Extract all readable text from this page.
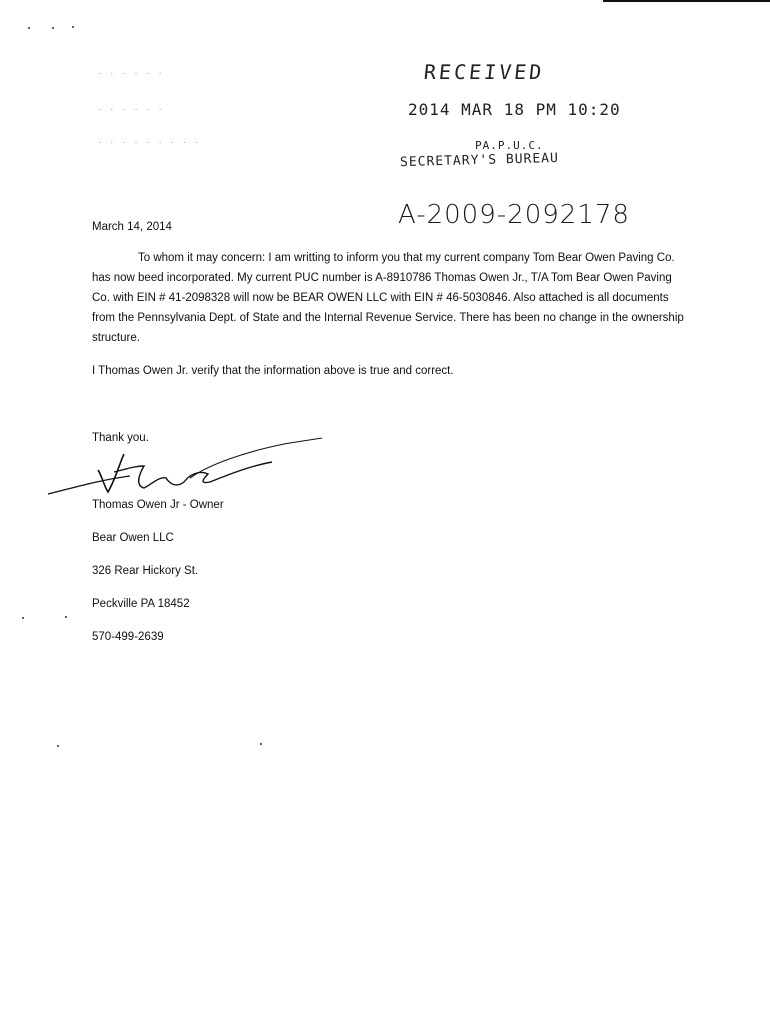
· · · · · ·
· · · · · ·
· · · · · · · · ·
RECEIVED
2014 MAR 18 PM 10:20
PA.P.U.C.
SECRETARY'S BUREAU
A-2009-2092178
March 14, 2014
To whom it may concern: I am writting to inform you that my current company Tom Bear Owen Paving Co. has now beed incorporated. My current PUC number is A-8910786 Thomas Owen Jr., T/A Tom Bear Owen Paving Co. with EIN # 41-2098328 will now be BEAR OWEN LLC with EIN # 46-5030846. Also attached is all documents from the Pennsylvania Dept. of State and the Internal Revenue Service. There has been no change in the ownership structure.
I Thomas Owen Jr. verify that the information above is true and correct.
Thank you.
Thomas Owen Jr - Owner
Bear Owen LLC
326 Rear Hickory St.
Peckville PA 18452
570-499-2639
